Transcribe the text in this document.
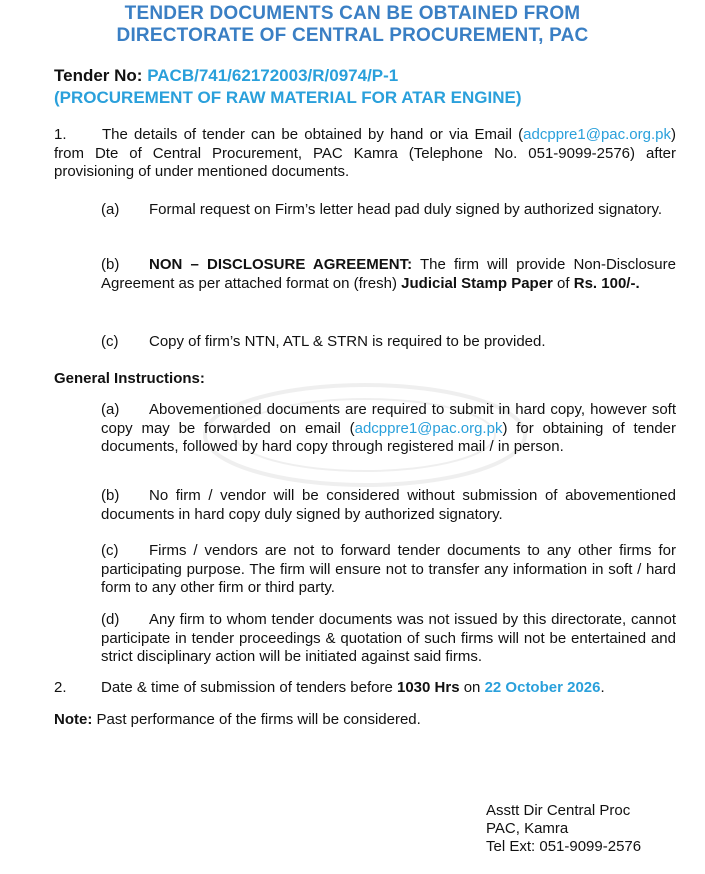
TENDER DOCUMENTS CAN BE OBTAINED FROM
DIRECTORATE OF CENTRAL PROCUREMENT, PAC
Tender No: PACB/741/62172003/R/0974/P-1
(PROCUREMENT OF RAW MATERIAL FOR ATAR ENGINE)
1. The details of tender can be obtained by hand or via Email (adcppre1@pac.org.pk) from Dte of Central Procurement, PAC Kamra (Telephone No. 051-9099-2576) after provisioning of under mentioned documents.
(a) Formal request on Firm’s letter head pad duly signed by authorized signatory.
(b) NON – DISCLOSURE AGREEMENT: The firm will provide Non-Disclosure Agreement as per attached format on (fresh) Judicial Stamp Paper of Rs. 100/-.
(c) Copy of firm’s NTN, ATL & STRN is required to be provided.
General Instructions:
(a) Abovementioned documents are required to submit in hard copy, however soft copy may be forwarded on email (adcppre1@pac.org.pk) for obtaining of tender documents, followed by hard copy through registered mail / in person.
(b) No firm / vendor will be considered without submission of abovementioned documents in hard copy duly signed by authorized signatory.
(c) Firms / vendors are not to forward tender documents to any other firms for participating purpose. The firm will ensure not to transfer any information in soft / hard form to any other firm or third party.
(d) Any firm to whom tender documents was not issued by this directorate, cannot participate in tender proceedings & quotation of such firms will not be entertained and strict disciplinary action will be initiated against said firms.
2. Date & time of submission of tenders before 1030 Hrs on 22 October 2026.
Note: Past performance of the firms will be considered.
Asstt Dir Central Proc
PAC, Kamra
Tel Ext: 051-9099-2576
